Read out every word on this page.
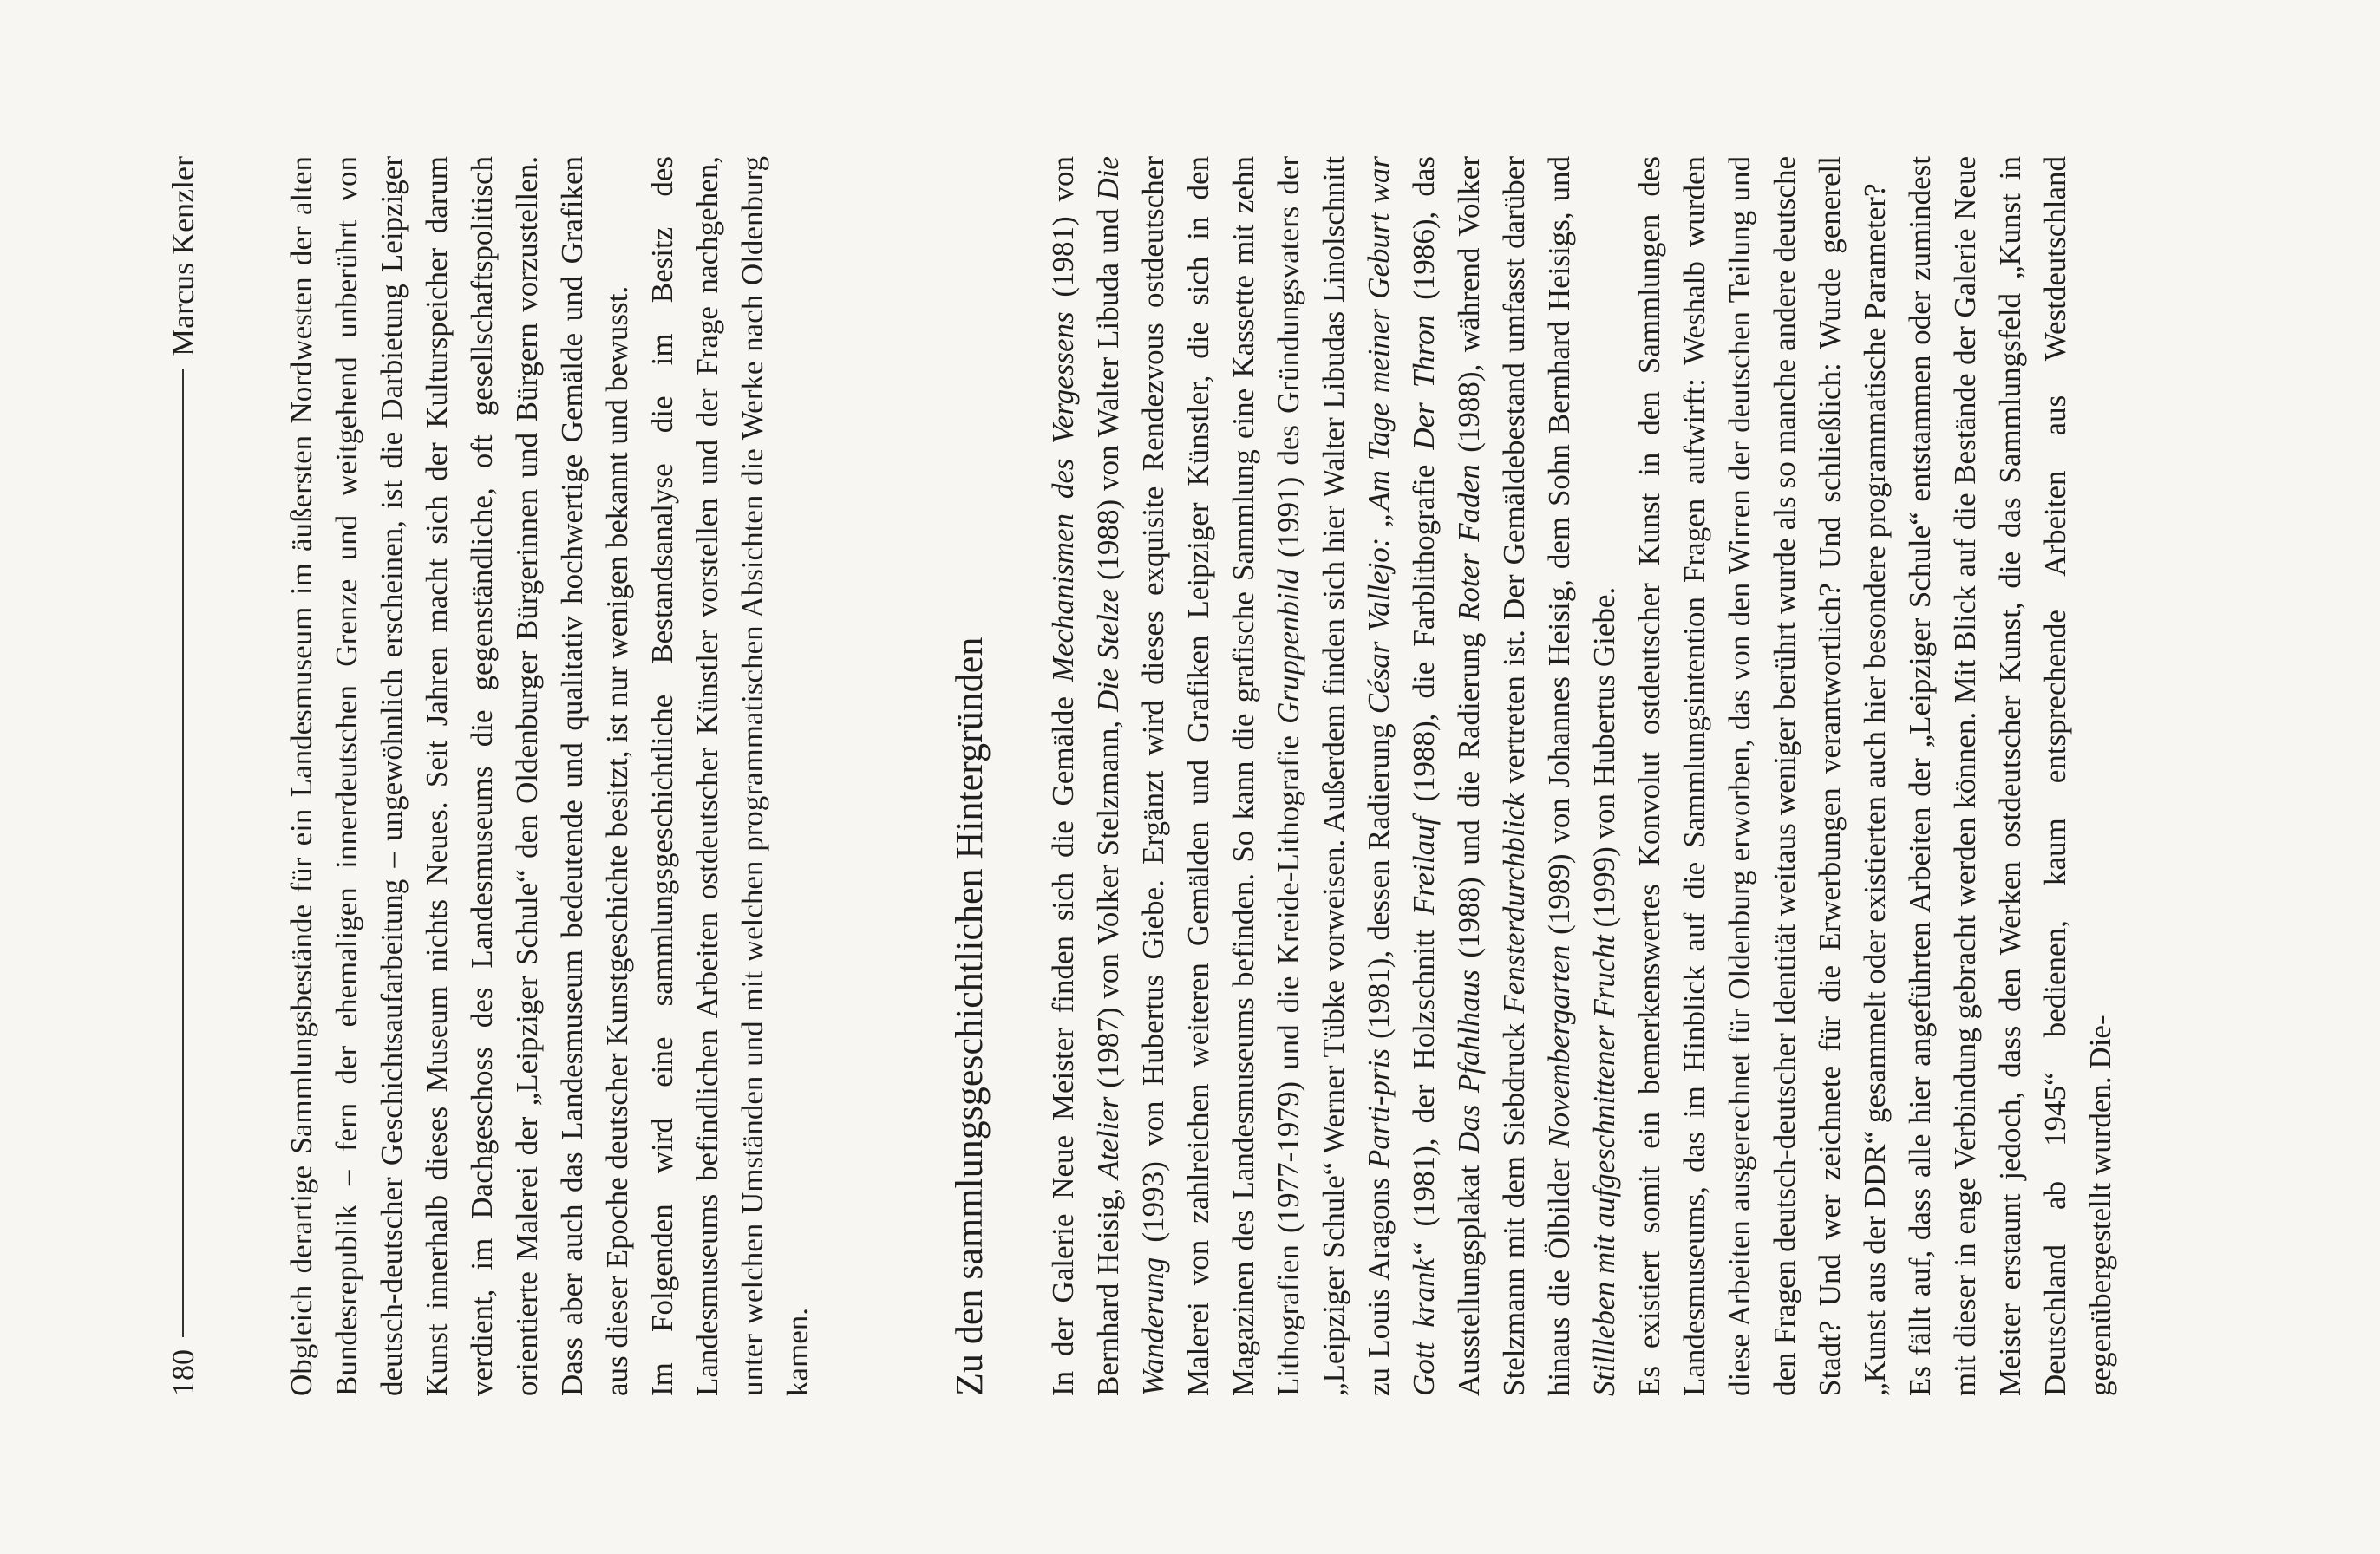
180
Marcus Kenzler	Obgleich derartige Sammlungsbestände für ein Landesmuseum im äußersten Nordwesten der alten Bundesrepublik – fern der ehemaligen innerdeutschen Grenze und weitgehend unberührt von deutsch-deutscher Geschichtsaufarbeitung – ungewöhnlich erscheinen, ist die Darbietung Leipziger Kunst innerhalb dieses Museum nichts Neues. Seit Jahren macht sich der Kulturspeicher darum verdient, im Dachgeschoss des Landesmuseums die gegenständliche, oft gesellschaftspolitisch orientierte Malerei der „Leipziger Schule“ den Oldenburger Bürgerinnen und Bürgern vorzustellen. Dass aber auch das Landesmuseum bedeutende und qualitativ hochwertige Gemälde und Grafiken aus dieser Epoche deutscher Kunstgeschichte besitzt, ist nur wenigen bekannt und bewusst. Im Folgenden wird eine sammlungsgeschichtliche Bestandsanalyse die im Besitz des Landesmuseums befindlichen Arbeiten ostdeutscher Künstler vorstellen und der Frage nachgehen, unter welchen Umständen und mit welchen programmatischen Absichten die Werke nach Oldenburg kamen.	Zu den sammlungsgeschichtlichen Hintergründen In der Galerie Neue Meister finden sich die Gemälde Mechanismen des Vergessens (1981) von Bernhard Heisig, Atelier (1987) von Volker Stelzmann, Die Stelze (1988) von Walter Libuda und Die Wanderung (1993) von Hubertus Giebe. Ergänzt wird dieses exquisite Rendezvous ostdeutscher Malerei von zahlreichen weiteren Gemälden und Grafiken Leipziger Künstler, die sich in den Magazinen des Landesmuseums befinden. So kann die grafische Sammlung eine Kassette mit zehn Lithografien (1977-1979) und die Kreide-Lithografie Gruppenbild (1991) des Gründungsvaters der „Leipziger Schule“ Werner Tübke vorweisen. Außerdem finden sich hier Walter Libudas Linolschnitt zu Louis Aragons Parti-pris (1981), dessen Radierung César Vallejo: „Am Tage meiner Geburt war Gott krank“ (1981), der Holzschnitt Freilauf (1988), die Farblithografie Der Thron (1986), das Ausstellungsplakat Das Pfahlhaus (1988) und die Radierung Roter Faden (1988), während Volker Stelzmann mit dem Siebdruck Fensterdurchblick vertreten ist. Der Gemäldebestand umfasst darüber hinaus die Ölbilder Novembergarten (1989) von Johannes Heisig, dem Sohn Bernhard Heisigs, und Stillleben mit aufgeschnittener Frucht (1999) von Hubertus Giebe. Es existiert somit ein bemerkenswertes Konvolut ostdeutscher Kunst in den Sammlungen des Landesmuseums, das im Hinblick auf die Sammlungsintention Fragen aufwirft: Weshalb wurden diese Arbeiten ausgerechnet für Oldenburg erworben, das von den Wirren der deutschen Teilung und den Fragen deutsch-deutscher Identität weitaus weniger berührt wurde als so manche andere deutsche Stadt? Und wer zeichnete für die Erwerbungen verantwortlich? Und schließlich: Wurde generell „Kunst aus der DDR“ gesammelt oder existierten auch hier besondere programmatische Parameter? Es fällt auf, dass alle hier angeführten Arbeiten der „Leipziger Schule“ entstammen oder zumindest mit dieser in enge Verbindung gebracht werden können. Mit Blick auf die Bestände der Galerie Neue Meister erstaunt jedoch, dass den Werken ostdeutscher Kunst, die das Sammlungsfeld „Kunst in Deutschland ab 1945“ bedienen, kaum entsprechende Arbeiten aus Westdeutschland gegenübergestellt wurden. Die-
